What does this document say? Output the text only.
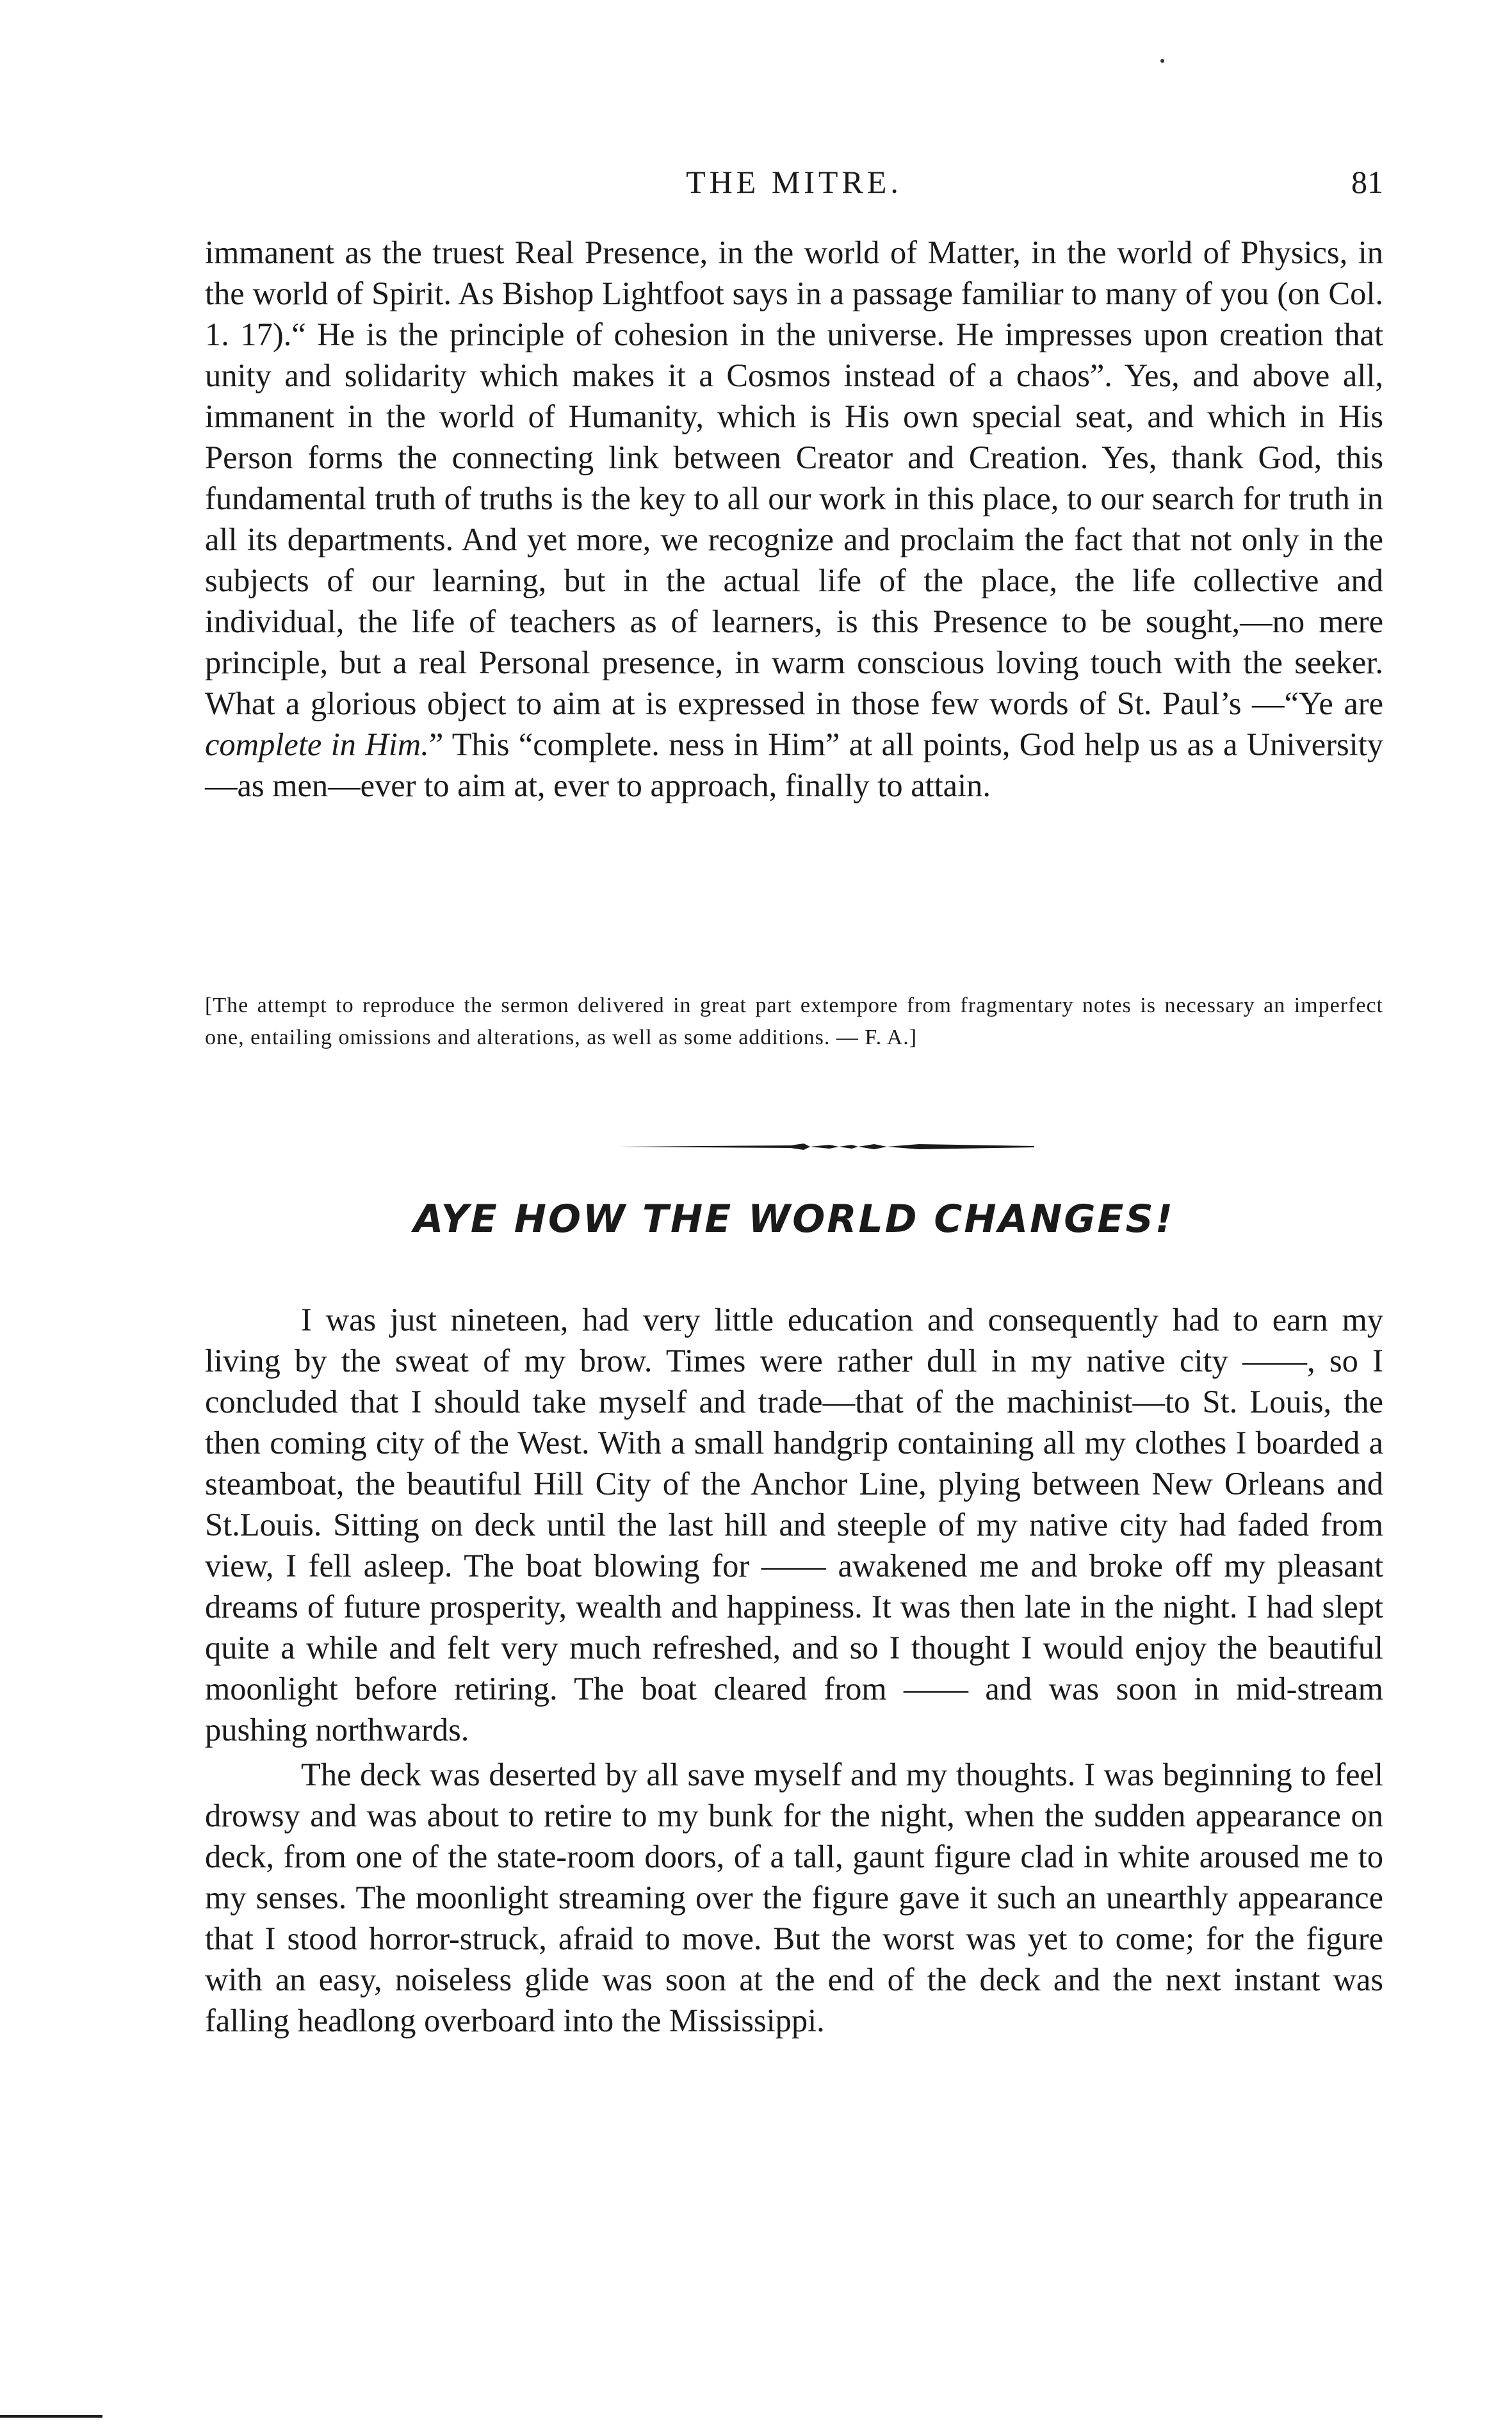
THE MITRE.	81

immanent as the truest Real Presence, in the world of Matter, in the world of Physics, in the world of Spirit. As Bishop Lightfoot says in a passage familiar to many of you (on Col. 1. 17).“ He is the principle of cohesion in the universe. He impresses upon creation that unity and solidarity which makes it a Cosmos instead of a chaos”. Yes, and above all, immanent in the world of Humanity, which is His own special seat, and which in His Person forms the connecting link between Creator and Creation. Yes, thank God, this fundamental truth of truths is the key to all our work in this place, to our search for truth in all its departments. And yet more, we recognize and proclaim the fact that not only in the subjects of our learning, but in the actual life of the place, the life collective and individual, the life of teachers as of learners, is this Presence to be sought,—no mere principle, but a real Personal presence, in warm conscious loving touch with the seeker. What a glorious object to aim at is expressed in those few words of St. Paul’s —“Ye are complete in Him.” This “complete. ness in Him” at all points, God help us as a University—as men—ever to aim at, ever to approach, finally to attain.

[The attempt to reproduce the sermon delivered in great part extempore from fragmentary notes is necessary an imperfect one, entailing omissions and alterations, as well as some additions. — F. A.]
AYE HOW THE WORLD CHANGES!

I was just nineteen, had very little education and consequently had to earn my living by the sweat of my brow. Times were rather dull in my native city ——, so I concluded that I should take myself and trade—that of the machinist—to St. Louis, the then coming city of the West. With a small handgrip containing all my clothes I boarded a steamboat, the beautiful Hill City of the Anchor Line, plying between New Orleans and St.Louis. Sitting on deck until the last hill and steeple of my native city had faded from view, I fell asleep. The boat blowing for —— awakened me and broke off my pleasant dreams of future prosperity, wealth and happiness. It was then late in the night. I had slept quite a while and felt very much refreshed, and so I thought I would enjoy the beautiful moonlight before retiring. The boat cleared from —— and was soon in mid-stream pushing northwards.

The deck was deserted by all save myself and my thoughts. I was beginning to feel drowsy and was about to retire to my bunk for the night, when the sudden appearance on deck, from one of the state-room doors, of a tall, gaunt figure clad in white aroused me to my senses. The moonlight streaming over the figure gave it such an unearthly appearance that I stood horror-struck, afraid to move. But the worst was yet to come; for the figure with an easy, noiseless glide was soon at the end of the deck and the next instant was falling headlong overboard into the Mississippi.
